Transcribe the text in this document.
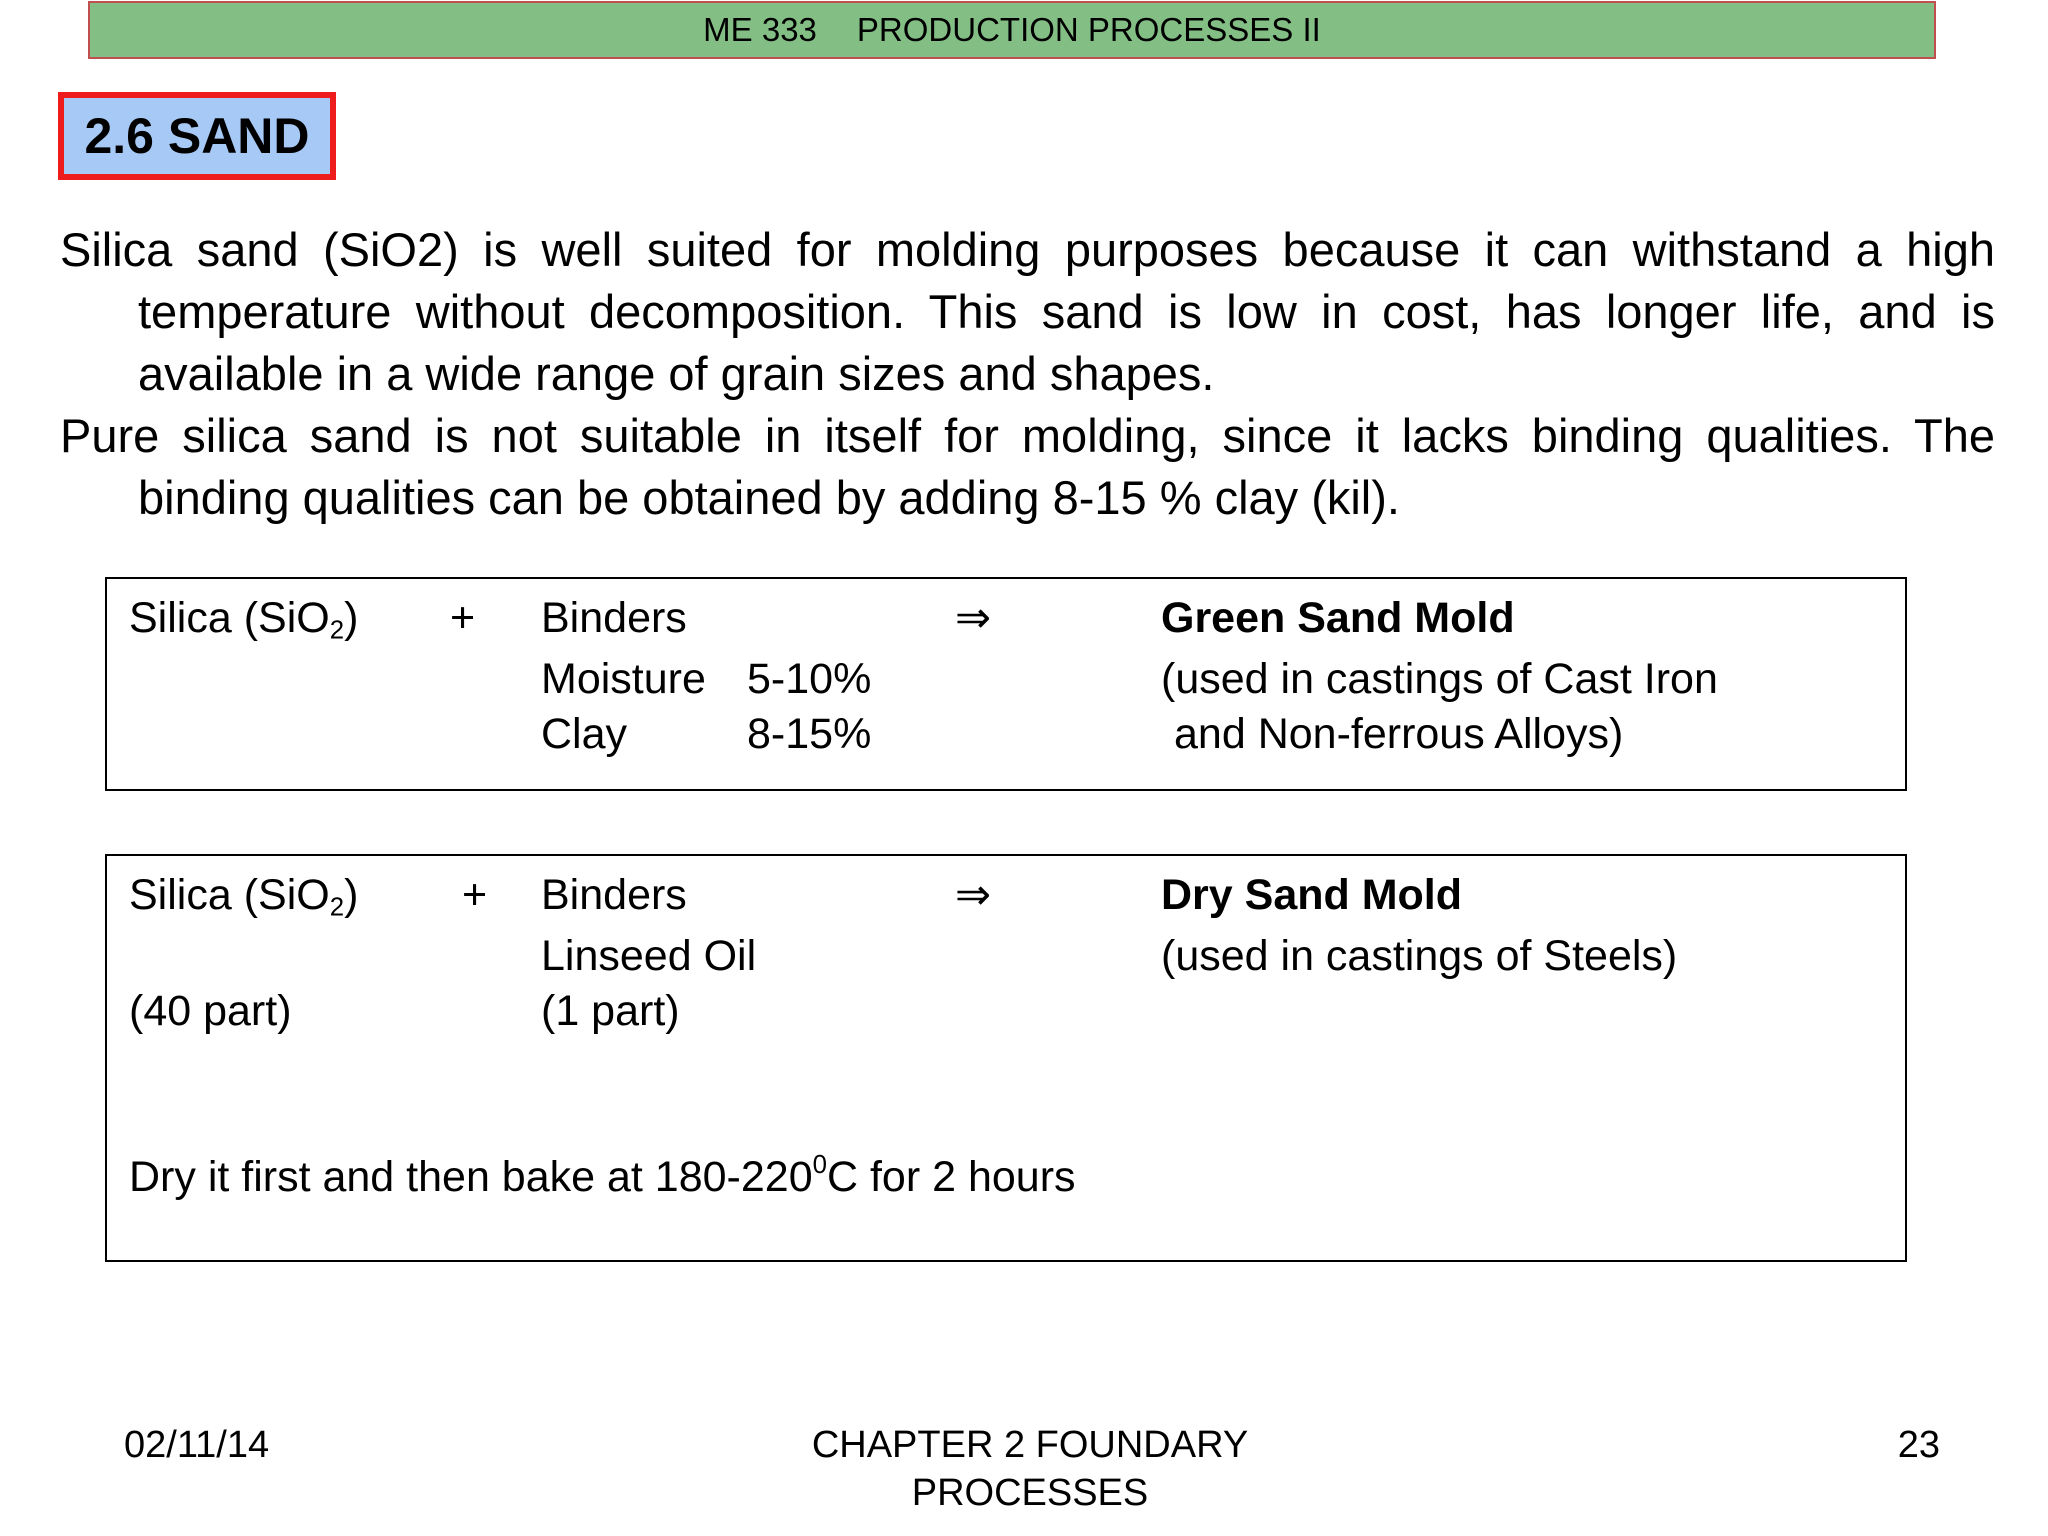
ME 333 PRODUCTION PROCESSES II
2.6 SAND
Silica sand (SiO2) is well suited for molding purposes because it can withstand a high temperature without decomposition. This sand is low in cost, has longer life, and is available in a wide range of grain sizes and shapes.
Pure silica sand is not suitable in itself for molding, since it lacks binding qualities. The binding qualities can be obtained by adding 8-15 % clay (kil).
Silica (SiO$_2$) + Binders	⇒	Green Sand Mold
Moisture 5-10%	(used in castings of Cast Iron
Clay	8-15%	and Non-ferrous Alloys)
Silica (SiO$_2$) + Binders	⇒	Dry Sand Mold
Linseed Oil	(used in castings of Steels)
(40 part)	(1 part)
Dry it first and then bake at $180-220^0C$ for 2 hours
02/11/14	CHAPTER 2 FOUNDARY PROCESSES
23
